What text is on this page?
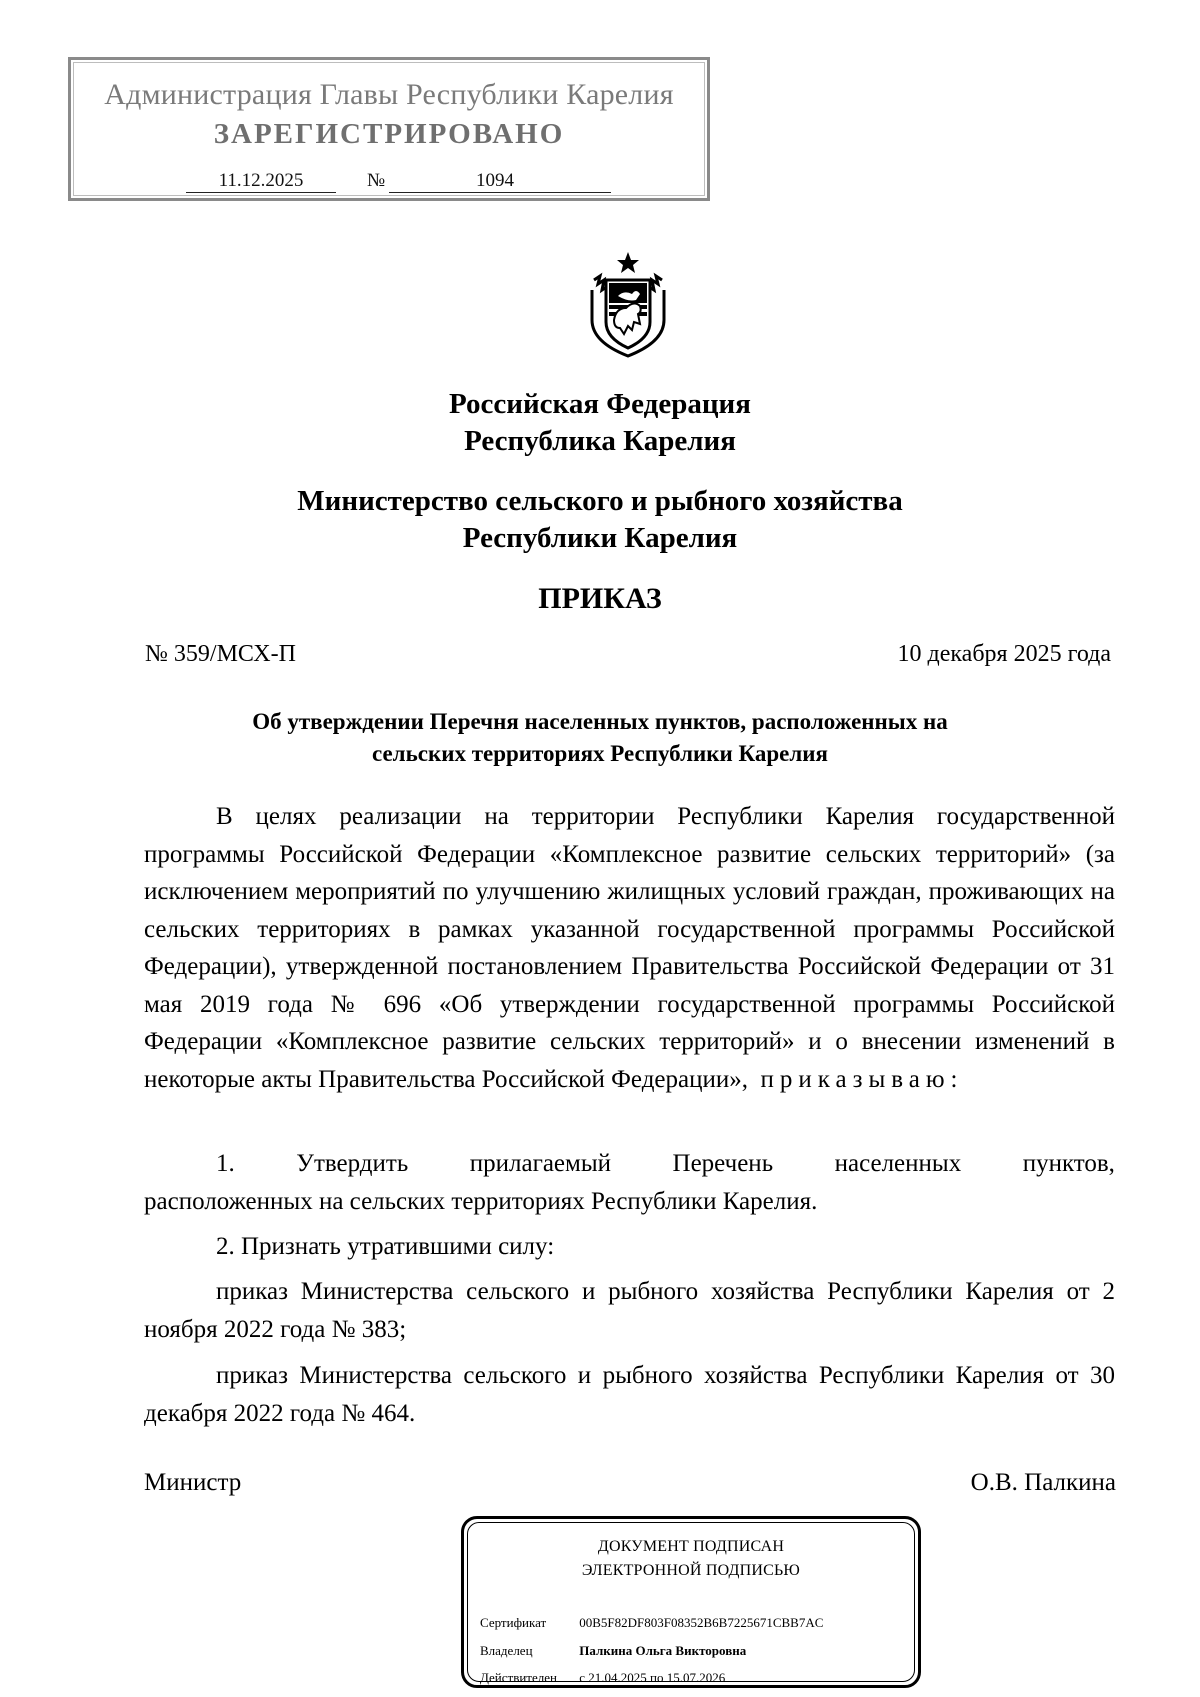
Администрация Главы Республики Карелия
ЗАРЕГИСТРИРОВАНО
11.12.2025	№	1094
Российская Федерация
Республика Карелия
Министерство сельского и рыбного хозяйства
Республики Карелия
ПРИКАЗ
№ 359/МСХ-П	10 декабря 2025 года
Об утверждении Перечня населенных пунктов, расположенных на
сельских территориях Республики Карелия
В целях реализации на территории Республики Карелия государственной программы Российской Федерации «Комплексное развитие сельских территорий» (за исключением мероприятий по улучшению жилищных условий граждан, проживающих на сельских территориях в рамках указанной государственной программы Российской Федерации), утвержденной постановлением Правительства Российской Федерации от 31 мая 2019 года № 696 «Об утверждении государственной программы Российской Федерации «Комплексное развитие сельских территорий» и о внесении изменений в некоторые акты Правительства Российской Федерации», приказываю:
1. Утвердить прилагаемый Перечень населенных пунктов,
расположенных на сельских территориях Республики Карелия.
2. Признать утратившими силу:
приказ Министерства сельского и рыбного хозяйства Республики Карелия от 2 ноября 2022 года № 383;
приказ Министерства сельского и рыбного хозяйства Республики Карелия от 30 декабря 2022 года № 464.
Министр	О.В. Палкина
ДОКУМЕНТ ПОДПИСАН
ЭЛЕКТРОННОЙ ПОДПИСЬЮ
Сертификат	00B5F82DF803F08352B6B7225671CBB7AC
Владелец	Палкина Ольга Викторовна
Действителен с 21.04.2025 по 15.07.2026
